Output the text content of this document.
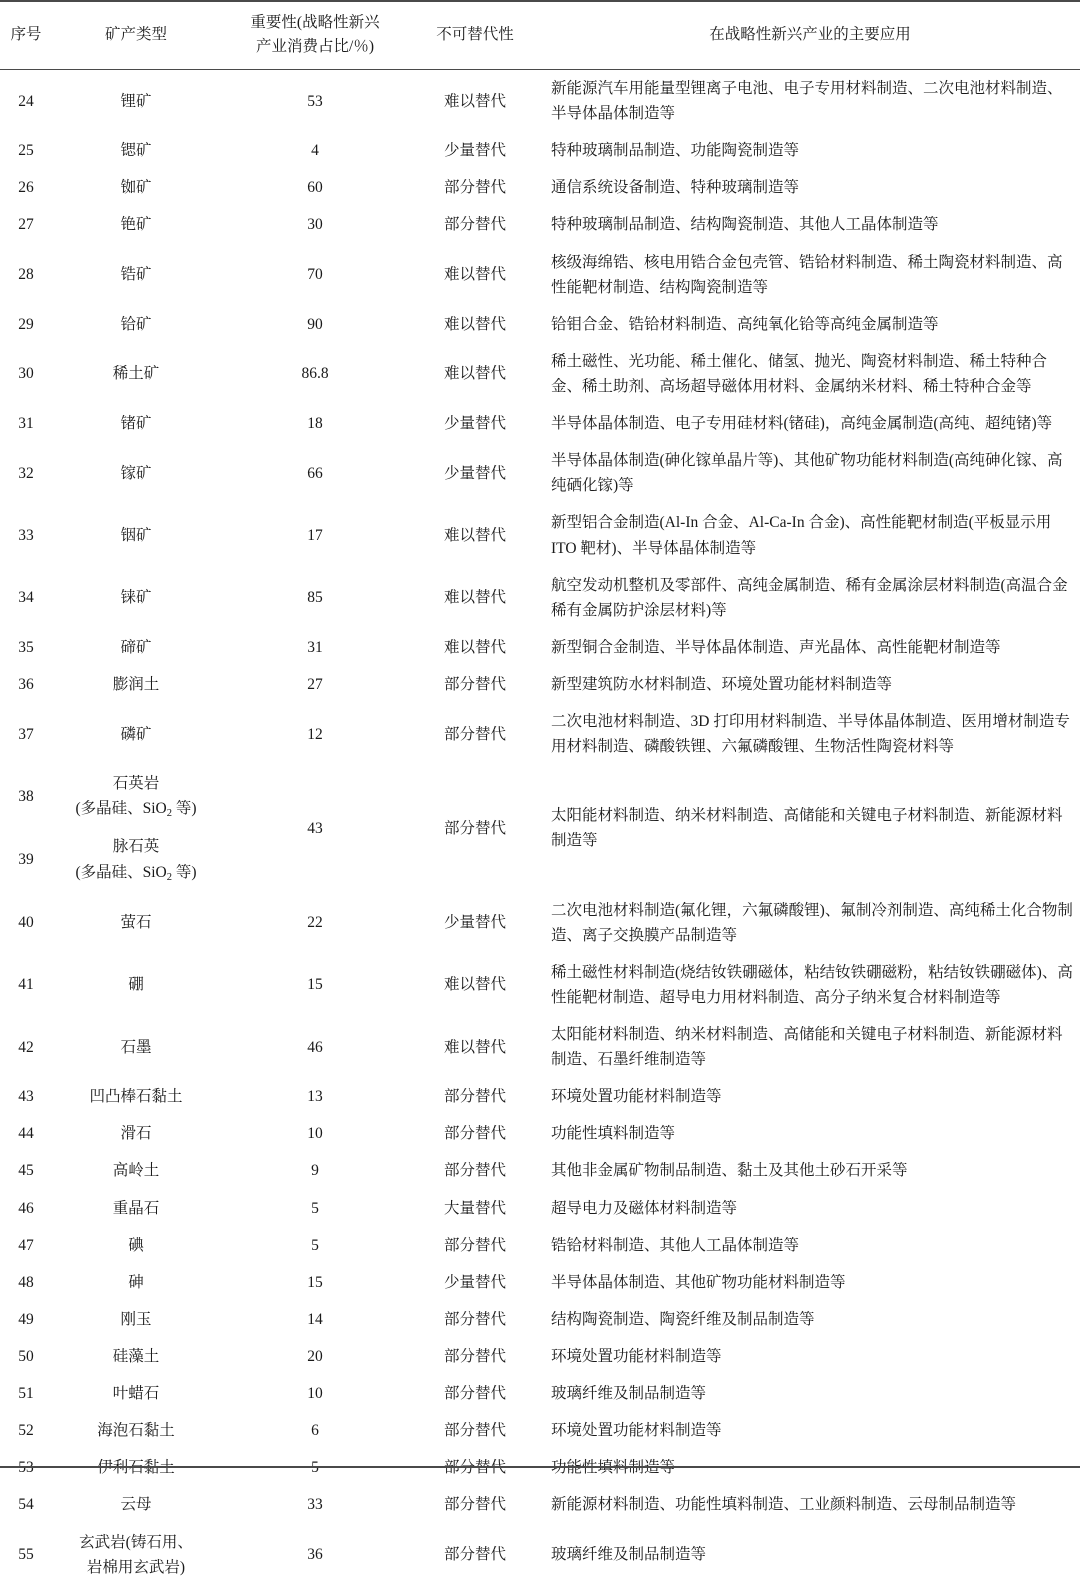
序号	矿产类型	重要性(战略性新兴
产业消费占比/％)	不可替代性	在战略性新兴产业的主要应用
24	锂矿	53	难以替代	新能源汽车用能量型锂离子电池、电子专用材料制造、二次电池材料制造、半导体晶体制造等
25	锶矿	4	少量替代	特种玻璃制品制造、功能陶瓷制造等
26	铷矿	60	部分替代	通信系统设备制造、特种玻璃制造等
27	铯矿	30	部分替代	特种玻璃制品制造、结构陶瓷制造、其他人工晶体制造等
28	锆矿	70	难以替代	核级海绵锆、核电用锆合金包壳管、锆铪材料制造、稀土陶瓷材料制造、高性能靶材制造、结构陶瓷制造等
29	铪矿	90	难以替代	铪钼合金、锆铪材料制造、高纯氧化铪等高纯金属制造等
30	稀土矿	86.8	难以替代	稀土磁性、光功能、稀土催化、储氢、抛光、陶瓷材料制造、稀土特种合金、稀土助剂、高场超导磁体用材料、金属纳米材料、稀土特种合金等
31	锗矿	18	少量替代	半导体晶体制造、电子专用硅材料(锗硅)，高纯金属制造(高纯、超纯锗)等
32	镓矿	66	少量替代	半导体晶体制造(砷化镓单晶片等)、其他矿物功能材料制造(高纯砷化镓、高纯硒化镓)等
33	铟矿	17	难以替代	新型铝合金制造(Al-In 合金、Al-Ca-In 合金)、高性能靶材制造(平板显示用 ITO 靶材)、半导体晶体制造等
34	铼矿	85	难以替代	航空发动机整机及零部件、高纯金属制造、稀有金属涂层材料制造(高温合金稀有金属防护涂层材料)等
35	碲矿	31	难以替代	新型铜合金制造、半导体晶体制造、声光晶体、高性能靶材制造等
36	膨润土	27	部分替代	新型建筑防水材料制造、环境处置功能材料制造等
37	磷矿	12	部分替代	二次电池材料制造、3D 打印用材料制造、半导体晶体制造、医用增材制造专用材料制造、磷酸铁锂、六氟磷酸锂、生物活性陶瓷材料等
38	石英岩
(多晶硅、SiO$_2$ 等)	43	部分替代	太阳能材料制造、纳米材料制造、高储能和关键电子材料制造、新能源材料制造等
39	脉石英
(多晶硅、SiO$_2$ 等)			

40	萤石	22	少量替代	二次电池材料制造(氟化锂，六氟磷酸锂)、氟制冷剂制造、高纯稀土化合物制造、离子交换膜产品制造等
41	硼	15	难以替代	稀土磁性材料制造(烧结钕铁硼磁体，粘结钕铁硼磁粉，粘结钕铁硼磁体)、高性能靶材制造、超导电力用材料制造、高分子纳米复合材料制造等
42	石墨	46	难以替代	太阳能材料制造、纳米材料制造、高储能和关键电子材料制造、新能源材料制造、石墨纤维制造等
43	凹凸棒石黏土	13	部分替代	环境处置功能材料制造等
44	滑石	10	部分替代	功能性填料制造等
45	高岭土	9	部分替代	其他非金属矿物制品制造、黏土及其他土砂石开采等
46	重晶石	5	大量替代	超导电力及磁体材料制造等
47	碘	5	部分替代	锆铪材料制造、其他人工晶体制造等
48	砷	15	少量替代	半导体晶体制造、其他矿物功能材料制造等
49	刚玉	14	部分替代	结构陶瓷制造、陶瓷纤维及制品制造等
50	硅藻土	20	部分替代	环境处置功能材料制造等
51	叶蜡石	10	部分替代	玻璃纤维及制品制造等
52	海泡石黏土	6	部分替代	环境处置功能材料制造等
53	伊利石黏土	5	部分替代	功能性填料制造等
54	云母	33	部分替代	新能源材料制造、功能性填料制造、工业颜料制造、云母制品制造等
55	玄武岩(铸石用、
岩棉用玄武岩)	36	部分替代	玻璃纤维及制品制造等
